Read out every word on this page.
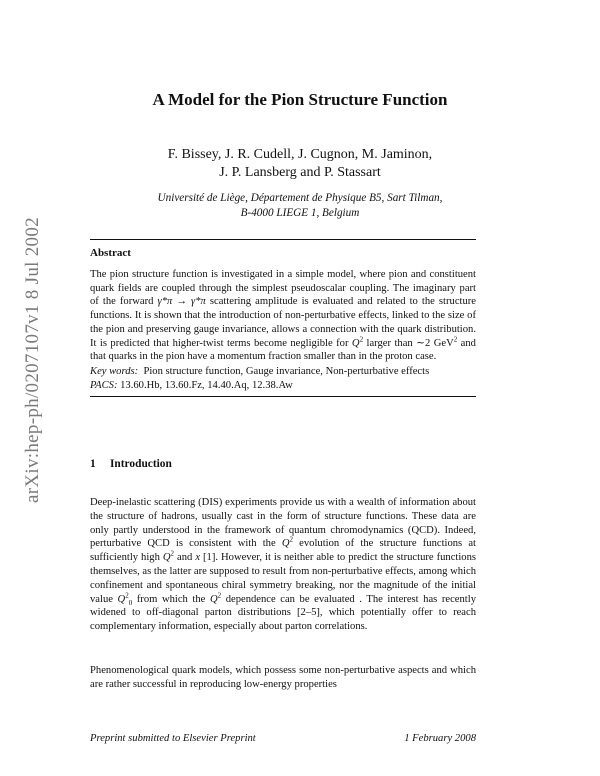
arXiv:hep-ph/0207107v1 8 Jul 2002
A Model for the Pion Structure Function
F. Bissey, J. R. Cudell, J. Cugnon, M. Jaminon,
J. P. Lansberg and P. Stassart
Université de Liège, Département de Physique B5, Sart Tilman,
B-4000 LIEGE 1, Belgium
Abstract

The pion structure function is investigated in a simple model, where pion and constituent quark fields are coupled through the simplest pseudoscalar coupling. The imaginary part of the forward γ*π → γ*π scattering amplitude is evaluated and related to the structure functions. It is shown that the introduction of non-perturbative effects, linked to the size of the pion and preserving gauge invariance, allows a connection with the quark distribution. It is predicted that higher-twist terms become negligible for $Q^2$ larger than ∼2 GeV$^2$ and that quarks in the pion have a momentum fraction smaller than in the proton case.

Key words: Pion structure function, Gauge invariance, Non-perturbative effects
PACS: 13.60.Hb, 13.60.Fz, 14.40.Aq, 12.38.Aw
1 Introduction

Deep-inelastic scattering (DIS) experiments provide us with a wealth of information about the structure of hadrons, usually cast in the form of structure functions. These data are only partly understood in the framework of quantum chromodynamics (QCD). Indeed, perturbative QCD is consistent with the $Q^2$ evolution of the structure functions at sufficiently high $Q^2$ and x [1]. However, it is neither able to predict the structure functions themselves, as the latter are supposed to result from non-perturbative effects, among which confinement and spontaneous chiral symmetry breaking, nor the magnitude of the initial value $Q^2_0$ from which the $Q^2$ dependence can be evaluated . The interest has recently widened to off-diagonal parton distributions [2–5], which potentially offer to reach complementary information, especially about parton correlations.

Phenomenological quark models, which possess some non-perturbative aspects and which are rather successful in reproducing low-energy properties

Preprint submitted to Elsevier Preprint	1 February 2008
